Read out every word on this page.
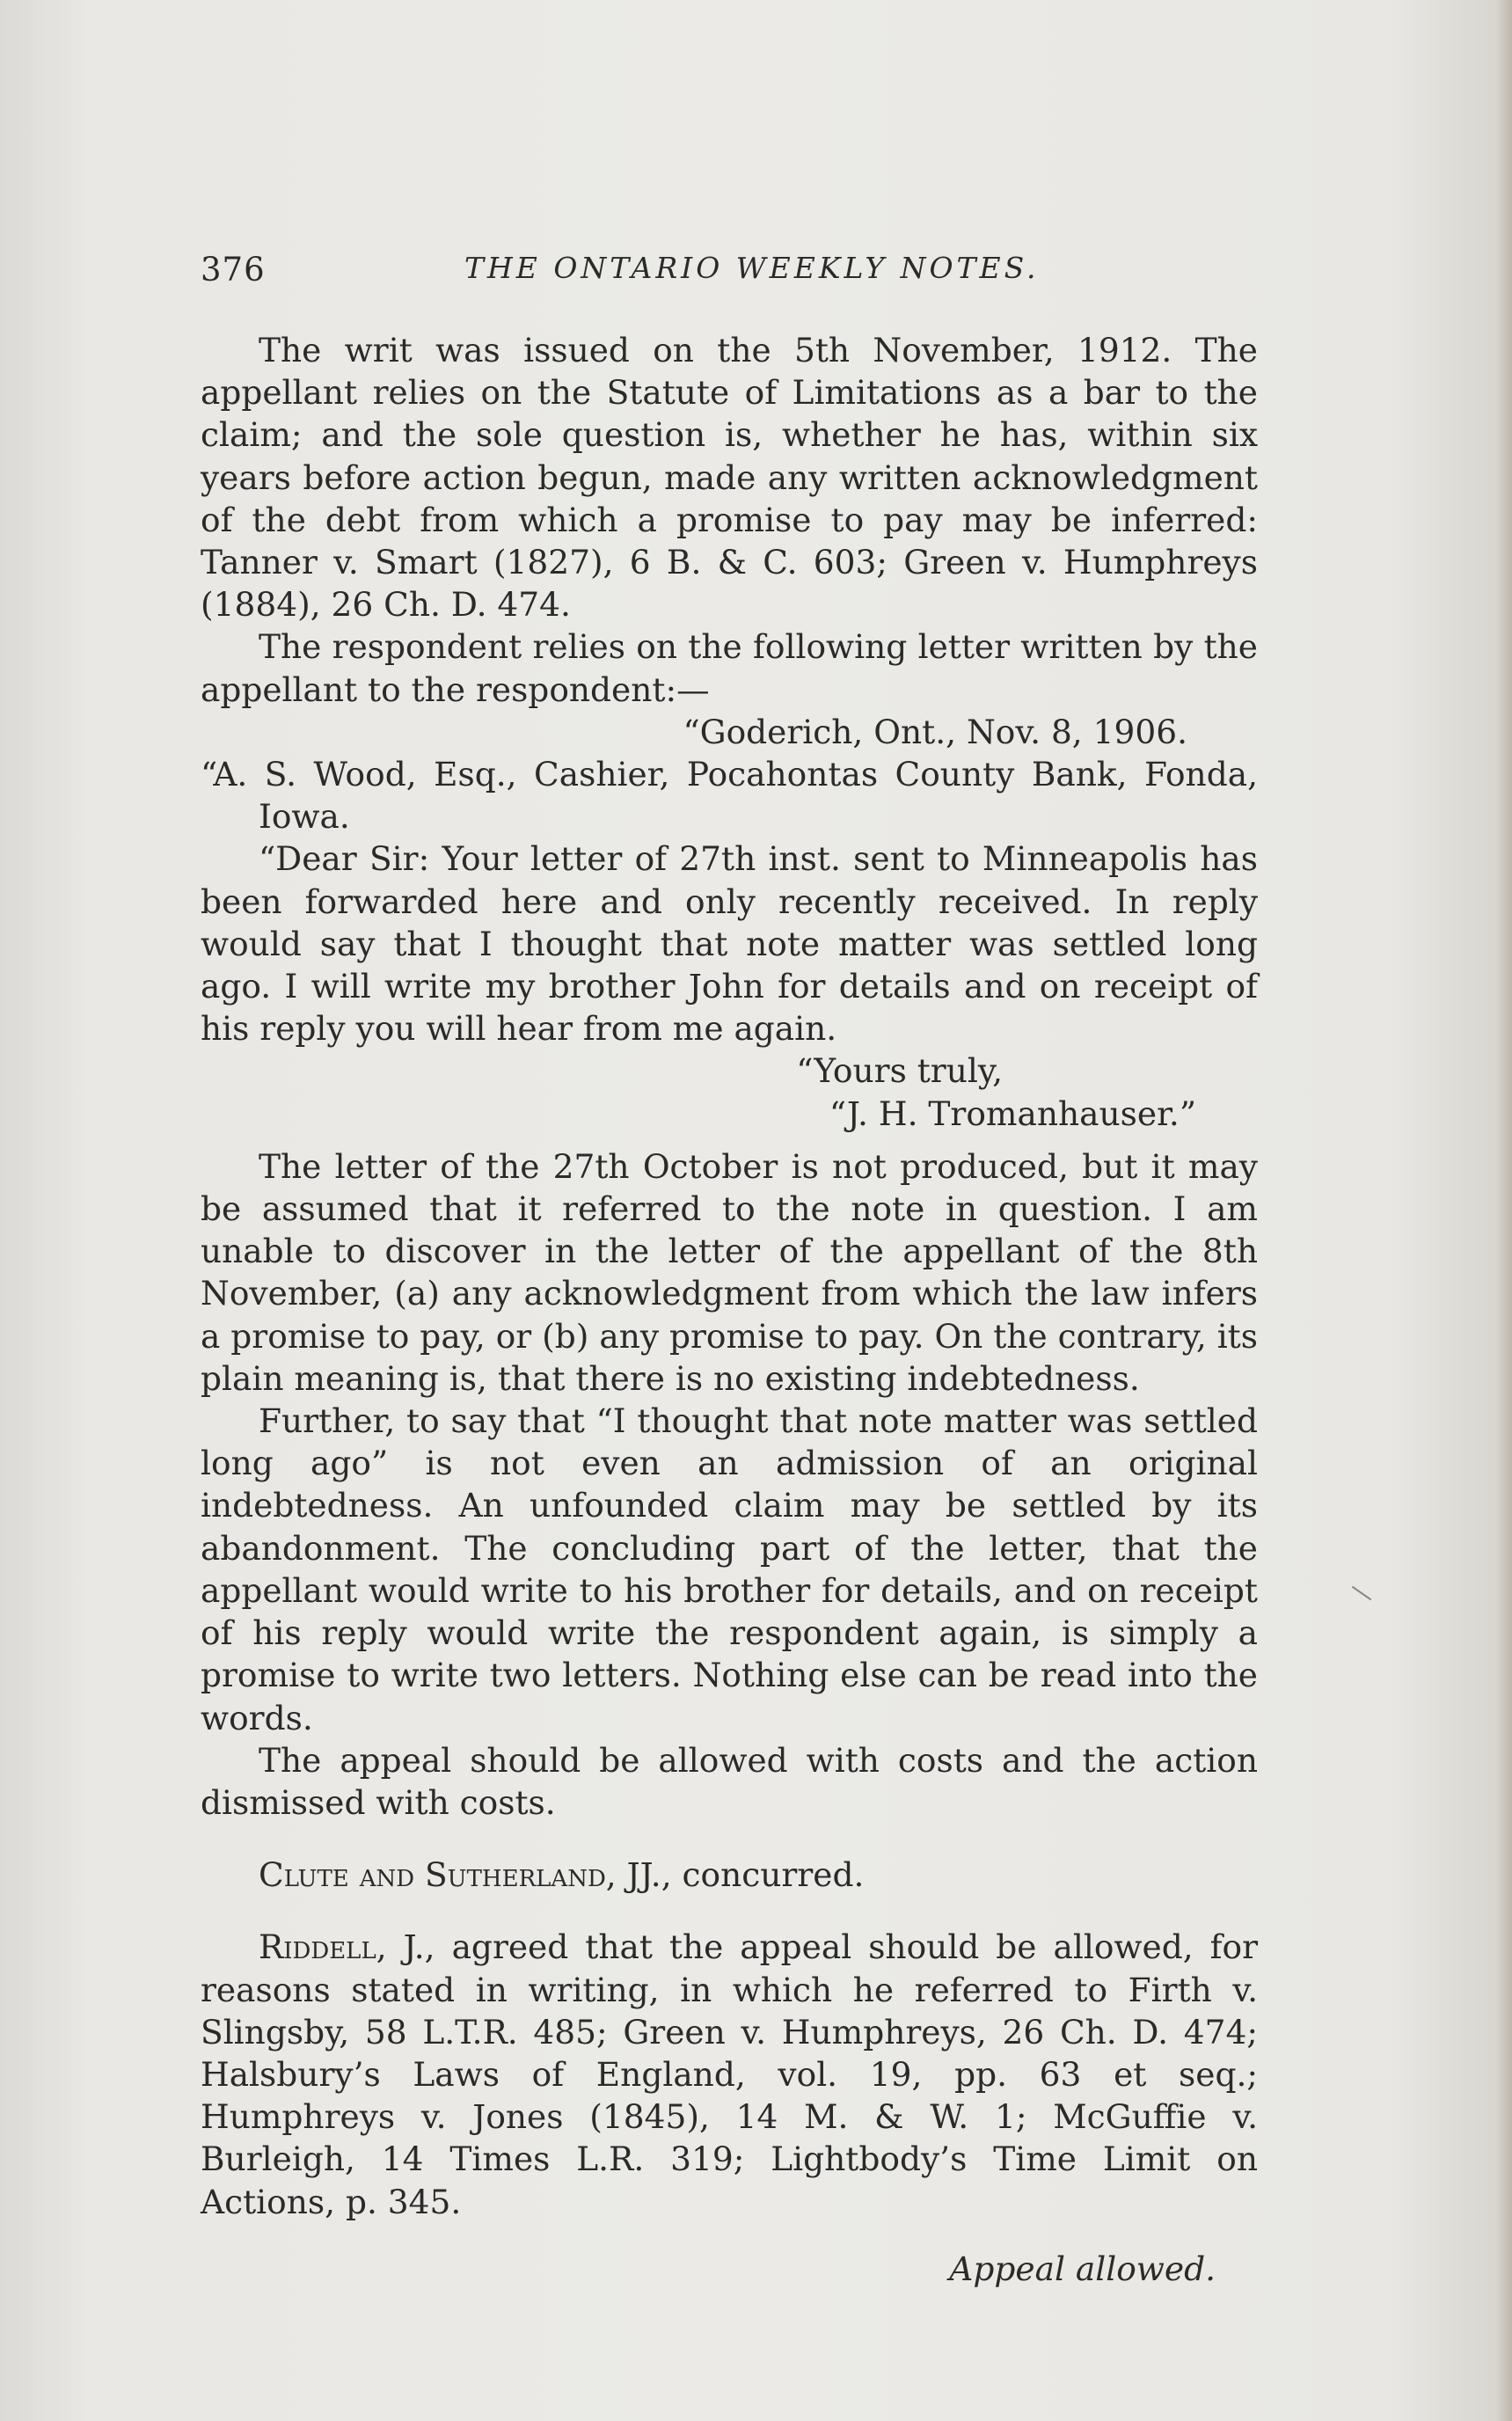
376	THE ONTARIO WEEKLY NOTES.

The writ was issued on the 5th November, 1912. The appellant relies on the Statute of Limitations as a bar to the claim; and the sole question is, whether he has, within six years before action begun, made any written acknowledgment of the debt from which a promise to pay may be inferred: Tanner v. Smart (1827), 6 B. & C. 603; Green v. Humphreys (1884), 26 Ch. D. 474.

The respondent relies on the following letter written by the appellant to the respondent:—

“Goderich, Ont., Nov. 8, 1906.

“A. S. Wood, Esq., Cashier, Pocahontas County Bank, Fonda, Iowa.

“Dear Sir: Your letter of 27th inst. sent to Minneapolis has been forwarded here and only recently received. In reply would say that I thought that note matter was settled long ago. I will write my brother John for details and on receipt of his reply you will hear from me again.

“Yours truly,

“J. H. Tromanhauser.”

The letter of the 27th October is not produced, but it may be assumed that it referred to the note in question. I am unable to discover in the letter of the appellant of the 8th November, (a) any acknowledgment from which the law infers a promise to pay, or (b) any promise to pay. On the contrary, its plain meaning is, that there is no existing indebtedness.

Further, to say that “I thought that note matter was settled long ago” is not even an admission of an original indebtedness. An unfounded claim may be settled by its abandonment. The concluding part of the letter, that the appellant would write to his brother for details, and on receipt of his reply would write the respondent again, is simply a promise to write two letters. Nothing else can be read into the words.

The appeal should be allowed with costs and the action dismissed with costs.

Clute and Sutherland, JJ., concurred.

Riddell, J., agreed that the appeal should be allowed, for reasons stated in writing, in which he referred to Firth v. Slingsby, 58 L.T.R. 485; Green v. Humphreys, 26 Ch. D. 474; Halsbury’s Laws of England, vol. 19, pp. 63 et seq.; Humphreys v. Jones (1845), 14 M. & W. 1; McGuffie v. Burleigh, 14 Times L.R. 319; Lightbody’s Time Limit on Actions, p. 345.

Appeal allowed.
